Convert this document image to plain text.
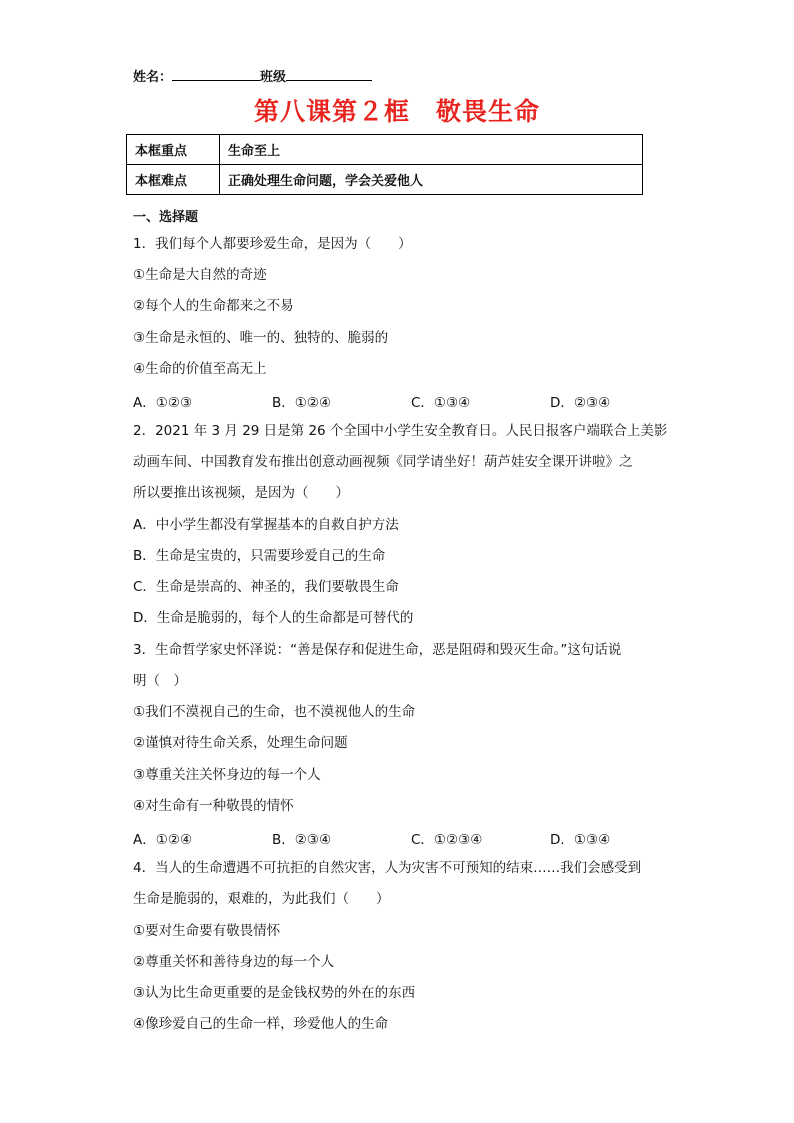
姓名：	班级
第八课第２框　敬畏生命
本框重点	生命至上
本框难点	正确处理生命问题，学会关爱他人
一、选择题
1．我们每个人都要珍爱生命，是因为（　　）
①生命是大自然的奇迹
②每个人的生命都来之不易
③生命是永恒的、唯一的、独特的、脆弱的
④生命的价值至高无上
A．①②③	B．①②④	C．①③④	D．②③④
2．2021 年 3 月 29 日是第 26 个全国中小学生安全教育日。人民日报客户端联合上美影
动画车间、中国教育发布推出创意动画视频《同学请坐好！葫芦娃安全课开讲啦》之
所以要推出该视频，是因为（　　）
A．中小学生都没有掌握基本的自救自护方法
B．生命是宝贵的，只需要珍爱自己的生命
C．生命是崇高的、神圣的，我们要敬畏生命
D．生命是脆弱的，每个人的生命都是可替代的
3．生命哲学家史怀泽说：“善是保存和促进生命，恶是阻碍和毁灭生命。”这句话说
明（　）
①我们不漠视自己的生命，也不漠视他人的生命
②谨慎对待生命关系，处理生命问题
③尊重关注关怀身边的每一个人
④对生命有一种敬畏的情怀
A．①②④	B．②③④	C．①②③④	D．①③④
4．当人的生命遭遇不可抗拒的自然灾害，人为灾害不可预知的结束……我们会感受到
生命是脆弱的，艰难的，为此我们（　　）
①要对生命要有敬畏情怀
②尊重关怀和善待身边的每一个人
③认为比生命更重要的是金钱权势的外在的东西
④像珍爱自己的生命一样，珍爱他人的生命
